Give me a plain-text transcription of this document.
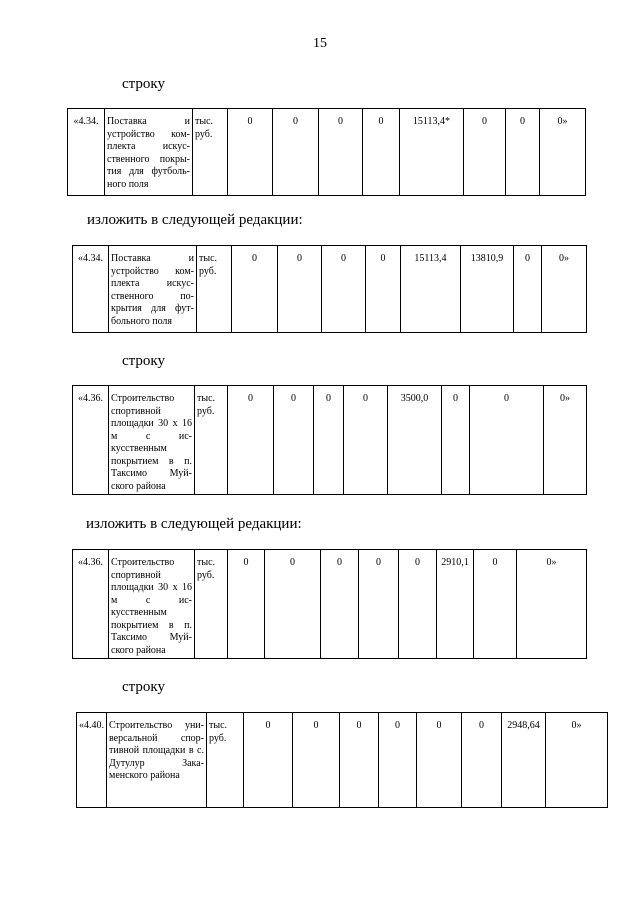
15
строку
«4.34.	Поставка и устройство ком-плекта искус-ственного покры-тия для футболь-ного поля	тыс. руб.	0	0	0	0	15113,4*	0	0	0»
изложить в следующей редакции:
«4.34.	Поставка и устройство ком-плекта искус-ственного по-крытия для фут-больного поля	тыс. руб.	0	0	0	0	15113,4	13810,9	0	0»
строку
«4.36.	Строительство спортивной площадки 30 х 16 м с ис-кусственным покрытием в п. Таксимо Муй-ского района	тыс. руб.	0	0	0	0	3500,0	0	0	0»
изложить в следующей редакции:
«4.36.	Строительство спортивной площадки 30 х 16 м с ис-кусственным покрытием в п. Таксимо Муй-ского района	тыс. руб.	0	0	0	0	0	2910,1	0	0»
строку
«4.40.	Строительство уни-версальной спор-тивной площадки в с. Дутулур Зака-менского района	тыс. руб.	0	0	0	0	0	0	2948,64	0»
